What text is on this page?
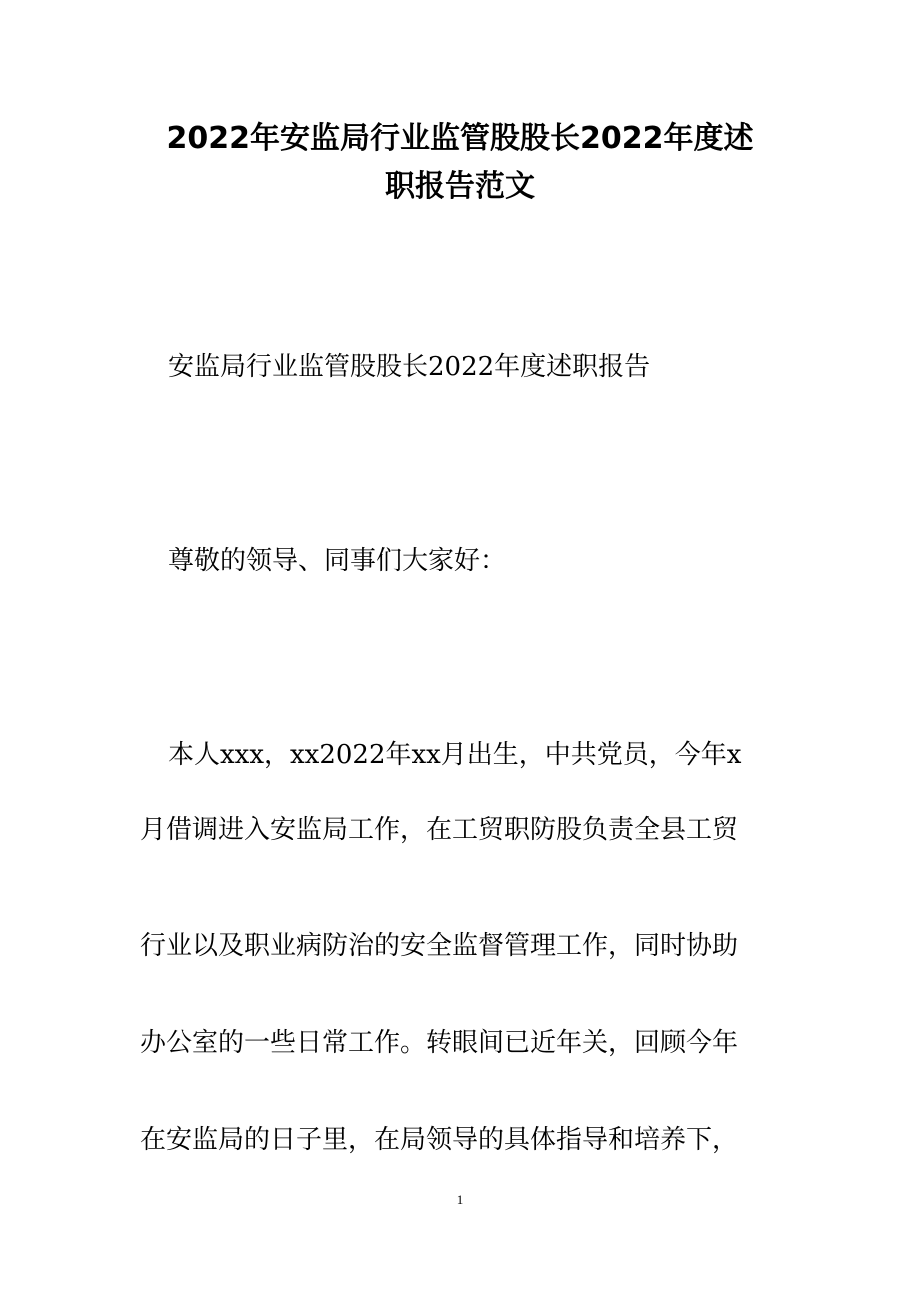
2022年安监局行业监管股股长2022年度述
职报告范文
安监局行业监管股股长2022年度述职报告
尊敬的领导、同事们大家好：
本人xxx，xx2022年xx月出生，中共党员，今年x
月借调进入安监局工作，在工贸职防股负责全县工贸
行业以及职业病防治的安全监督管理工作，同时协助
办公室的一些日常工作。转眼间已近年关，回顾今年
在安监局的日子里，在局领导的具体指导和培养下，
1
